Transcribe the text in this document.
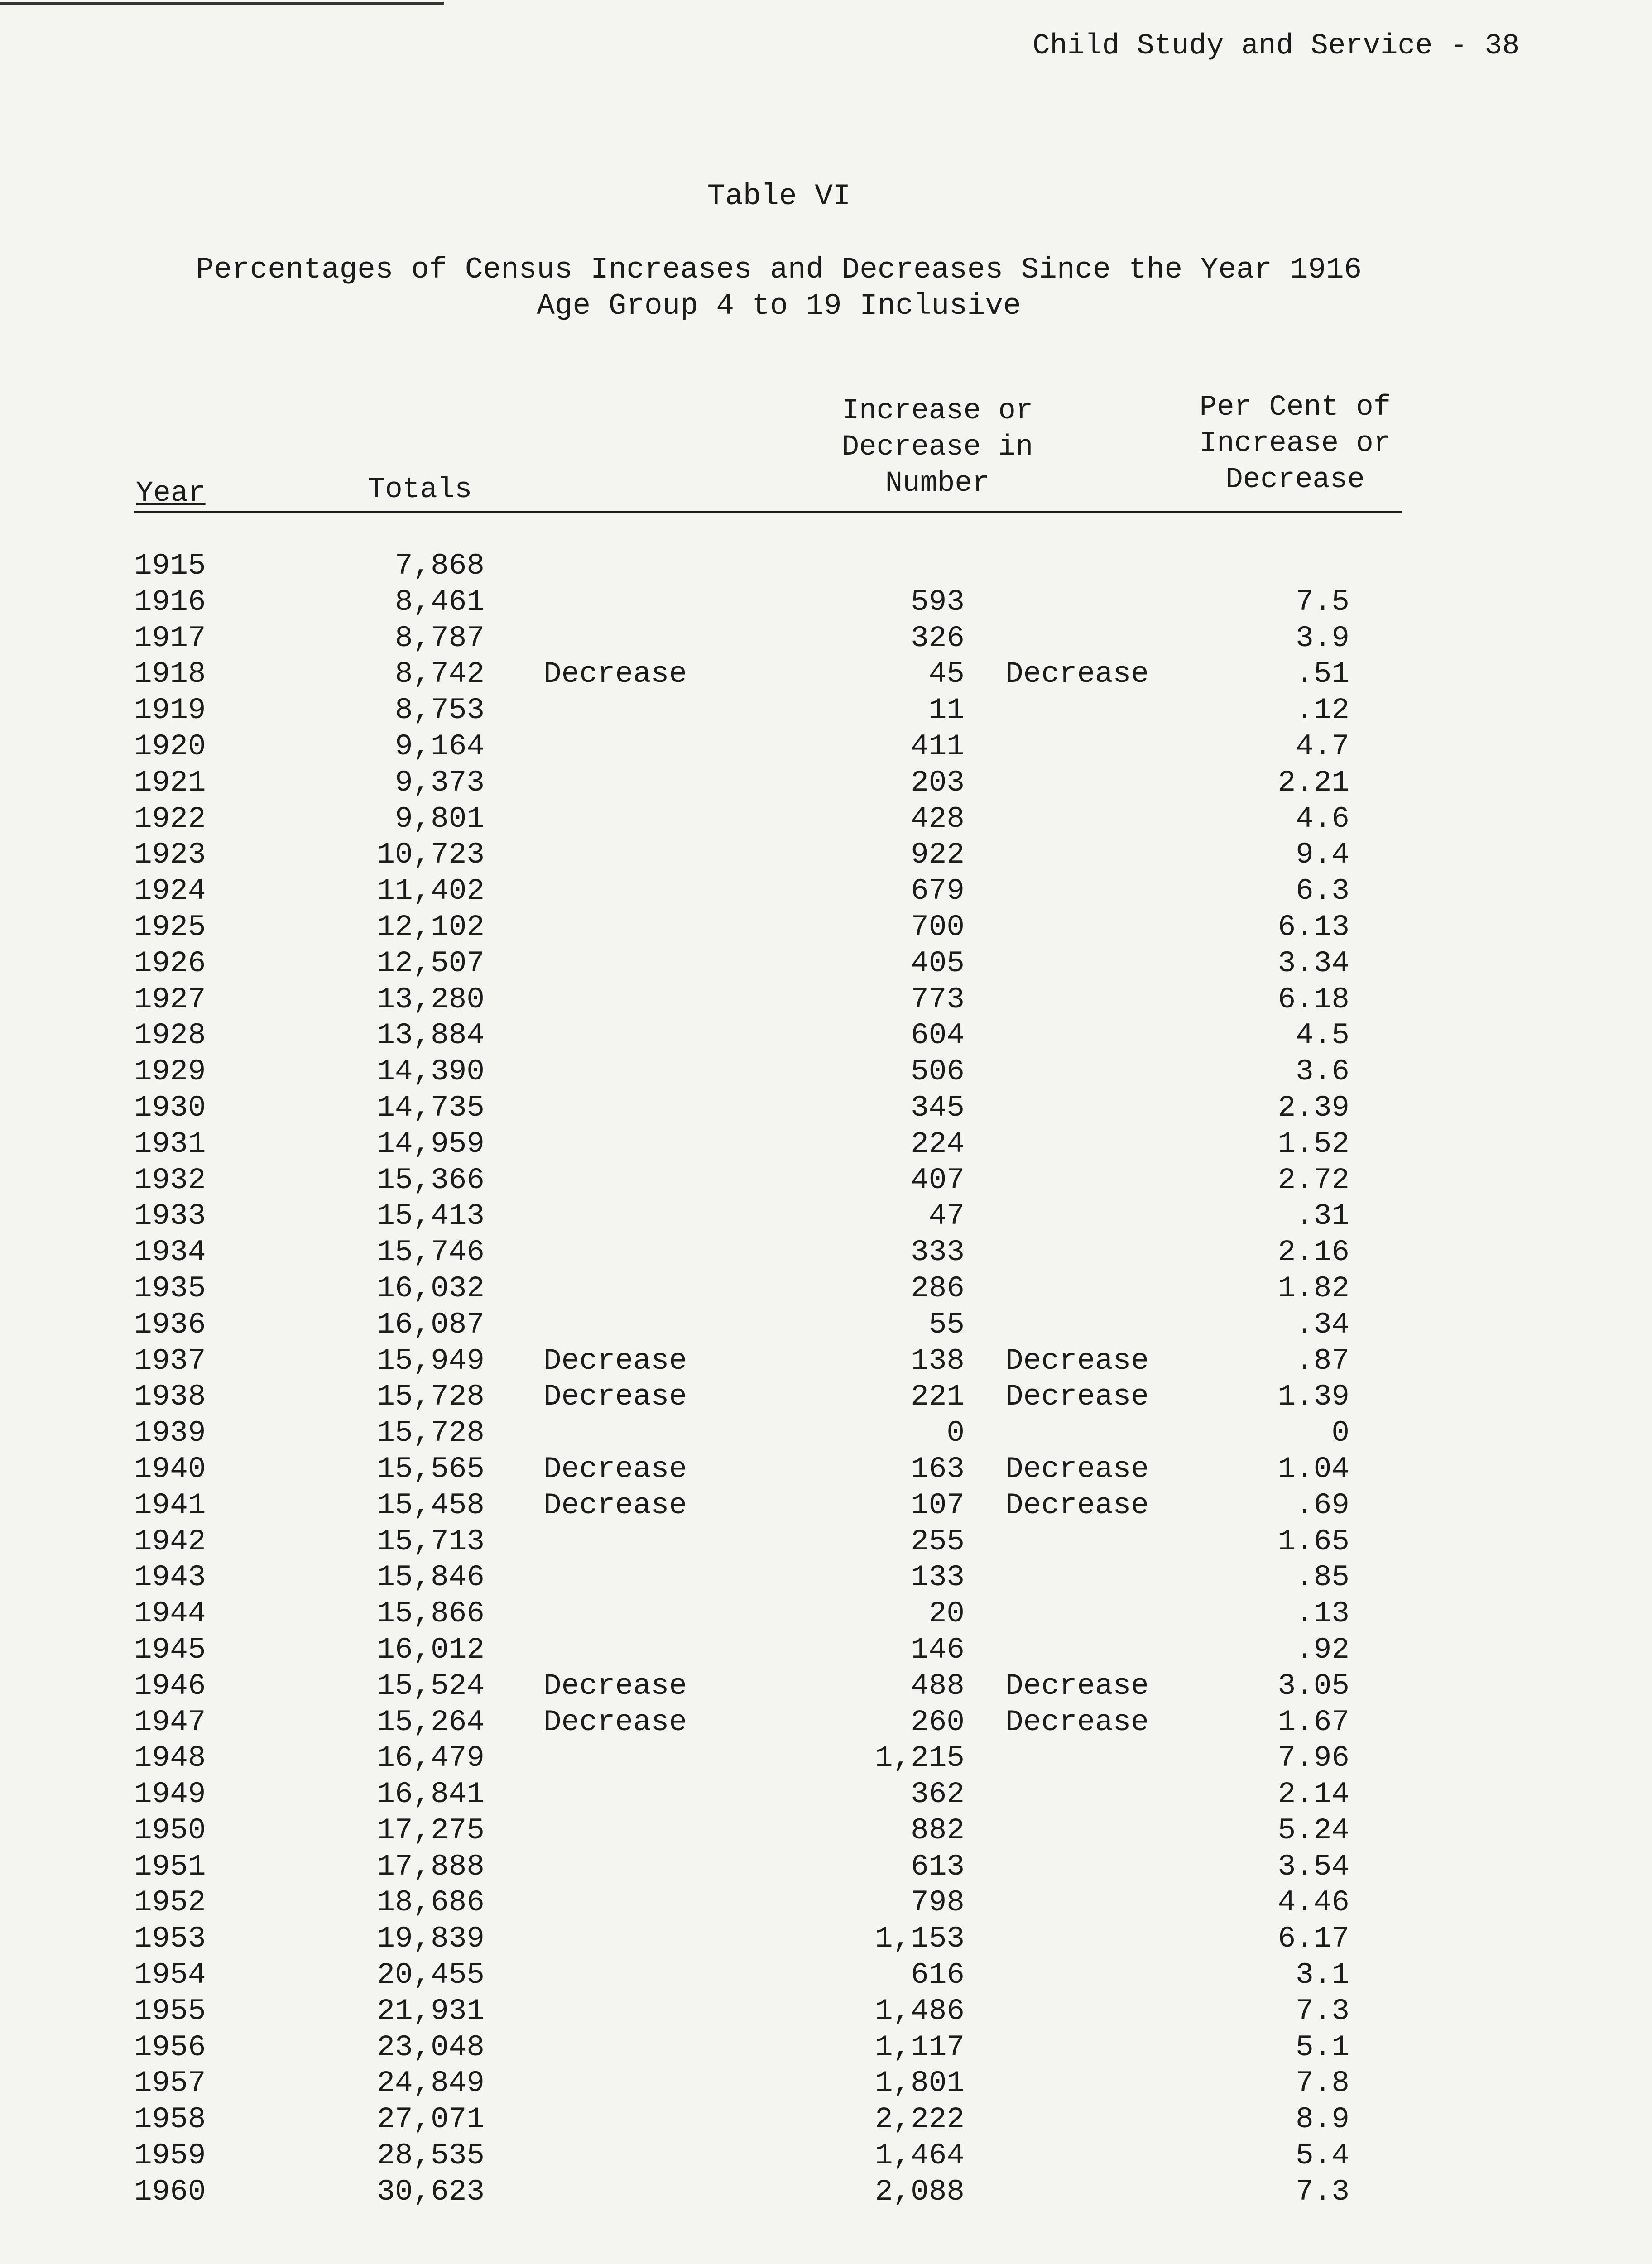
Child Study and Service - 38
Table VI
Percentages of Census Increases and Decreases Since the Year 1916
Age Group 4 to 19 Inclusive
Year	Totals
Increase or
Decrease in
Number
Per Cent of
Increase or
Decrease
1915	7,868
1916	8,461	593	7.5
1917	8,787	326	3.9
1918	8,742 Decrease	45 Decrease	.51
1919	8,753	11	.12
1920	9,164	411	4.7
1921	9,373	203	2.21
1922	9,801	428	4.6
1923	10,723	922	9.4
1924	11,402	679	6.3
1925	12,102	700	6.13
1926	12,507	405	3.34
1927	13,280	773	6.18
1928	13,884	604	4.5
1929	14,390	506	3.6
1930	14,735	345	2.39
1931	14,959	224	1.52
1932	15,366	407	2.72
1933	15,413	47	.31
1934	15,746	333	2.16
1935	16,032	286	1.82
1936	16,087	55	.34
1937	15,949 Decrease	138 Decrease	.87
1938	15,728 Decrease	221 Decrease	1.39
1939	15,728	0	0
1940	15,565 Decrease	163 Decrease	1.04
1941	15,458 Decrease	107 Decrease	.69
1942	15,713	255	1.65
1943	15,846	133	.85
1944	15,866	20	.13
1945	16,012	146	.92
1946	15,524 Decrease	488 Decrease	3.05
1947	15,264 Decrease	260 Decrease	1.67
1948	16,479	1,215	7.96
1949	16,841	362	2.14
1950	17,275	882	5.24
1951	17,888	613	3.54
1952	18,686	798	4.46
1953	19,839	1,153	6.17
1954	20,455	616	3.1
1955	21,931	1,486	7.3
1956	23,048	1,117	5.1
1957	24,849	1,801	7.8
1958	27,071	2,222	8.9
1959	28,535	1,464	5.4
1960	30,623	2,088	7.3
